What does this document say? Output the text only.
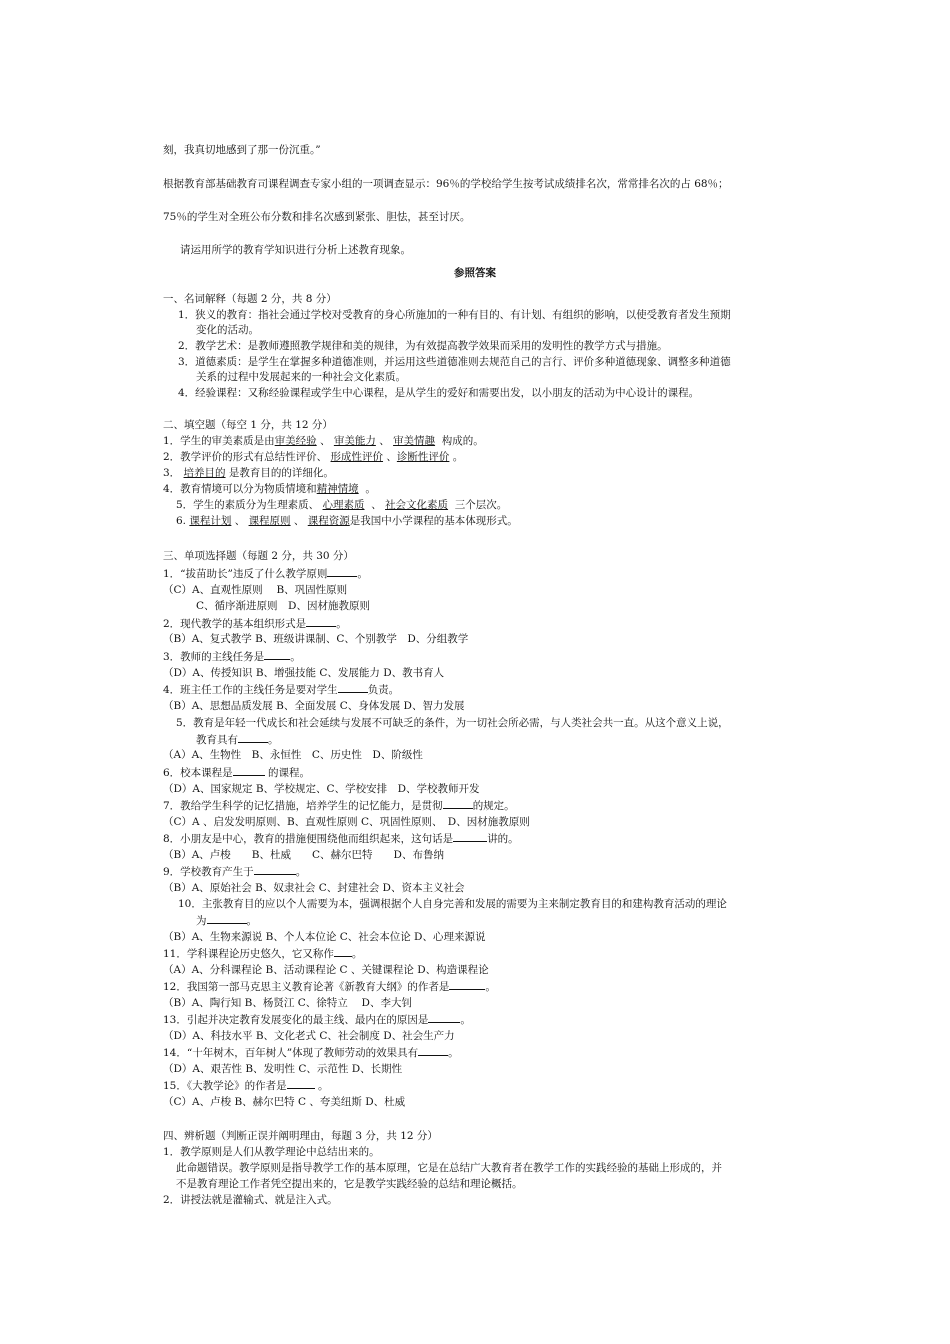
刻，我真切地感到了那一份沉重。”
根据教育部基础教育司课程调查专家小组的一项调查显示：96％的学校给学生按考试成绩排名次，常常排名次的占 68％；
75％的学生对全班公布分数和排名次感到紧张、胆怯，甚至讨厌。
请运用所学的教育学知识进行分析上述教育现象。
参照答案
一、名词解释（每题 2 分，共 8 分）
1．狭义的教育：指社会通过学校对受教育的身心所施加的一种有目的、有计划、有组织的影响，以使受教育者发生预期
变化的活动。
2．教学艺术：是教师遵照教学规律和美的规律，为有效提高教学效果而采用的发明性的教学方式与措施。
3．道德素质：是学生在掌握多种道德准则，并运用这些道德准则去规范自己的言行、评价多种道德现象、调整多种道德
关系的过程中发展起来的一种社会文化素质。
4．经验课程：又称经验课程或学生中心课程，是从学生的爱好和需要出发，以小朋友的活动为中心设计的课程。
二、填空题（每空 1 分，共 12 分）
1．学生的审美素质是由审美经验 、 审美能力 、 审美情趣 构成的。
2．教学评价的形式有总结性评价、 形成性评价 、诊断性评价 。
3． 培养目的 是教育目的的详细化。
4．教育情境可以分为物质情境和精神情境 。
5．学生的素质分为生理素质、 心理素质 、 社会文化素质 三个层次。
6. 课程计划 、 课程原则 、 课程资源是我国中小学课程的基本体现形式。
三、单项选择题（每题 2 分，共 30 分）
1．“拔苗助长”违反了什么教学原则	。
（C）A、直观性原则　 B、巩固性原则
C、循序渐进原则　D、因材施教原则
2．现代教学的基本组织形式是	。
（B）A、复式教学 B、班级讲课制、C、个别教学　D、分组教学
3．教师的主线任务是 。
（D）A、传授知识 B、增强技能 C、发展能力 D、教书育人
4．班主任工作的主线任务是要对学生	负责。
（B）A、思想品质发展 B、全面发展 C、身体发展 D、智力发展
5．教育是年轻一代成长和社会延续与发展不可缺乏的条件，为一切社会所必需，与人类社会共一直。从这个意义上说，
教育具有	。
（A）A、生物性　B、永恒性　C、历史性　D、阶级性
6．校本课程是	的课程。
（D）A、国家规定 B、学校规定、C、学校安排　D、学校教师开发
7．教给学生科学的记忆措施，培养学生的记忆能力，是贯彻	的规定。
（C）A 、启发发明原则、B、直观性原则 C、巩固性原则、　D、因材施教原则
8．小朋友是中心，教育的措施便围绕他而组织起来，这句话是	讲的。
（B）A、卢梭　　B、杜威　　C、赫尔巴特　　D、布鲁纳
9．学校教育产生于	。
（B）A、原始社会 B、奴隶社会 C、封建社会 D、资本主义社会
10．主张教育目的应以个人需要为本，强调根据个人自身完善和发展的需要为主来制定教育目的和建构教育活动的理论
为	。
（B）A、生物来源说 B、个人本位论 C、社会本位论 D、心理来源说
11．学科课程论历史悠久，它又称作 。
（A）A、分科课程论 B、活动课程论 C 、关键课程论 D、构造课程论
12．我国第一部马克思主义教育论著《新教育大纲》的作者是	。
（B）A、陶行知 B、杨贤江 C、徐特立　 D、李大钊
13．引起并决定教育发展变化的最主线、最内在的原因是	。
（D）A、科技水平 B、文化老式 C、社会制度 D、社会生产力
14．“十年树木，百年树人”体现了教师劳动的效果具有	。
（D）A、艰苦性 B、发明性 C、示范性 D、长期性
15．《大教学论》的作者是	。
（C）A、卢梭 B、赫尔巴特 C 、夸美纽斯 D、杜威
四、辨析题（判断正误并阐明理由，每题 3 分，共 12 分）
1．教学原则是人们从教学理论中总结出来的。
此命题错误。教学原则是指导教学工作的基本原理，它是在总结广大教育者在教学工作的实践经验的基础上形成的，并
不是教育理论工作者凭空提出来的，它是教学实践经验的总结和理论概括。
2．讲授法就是灌输式、就是注入式。
